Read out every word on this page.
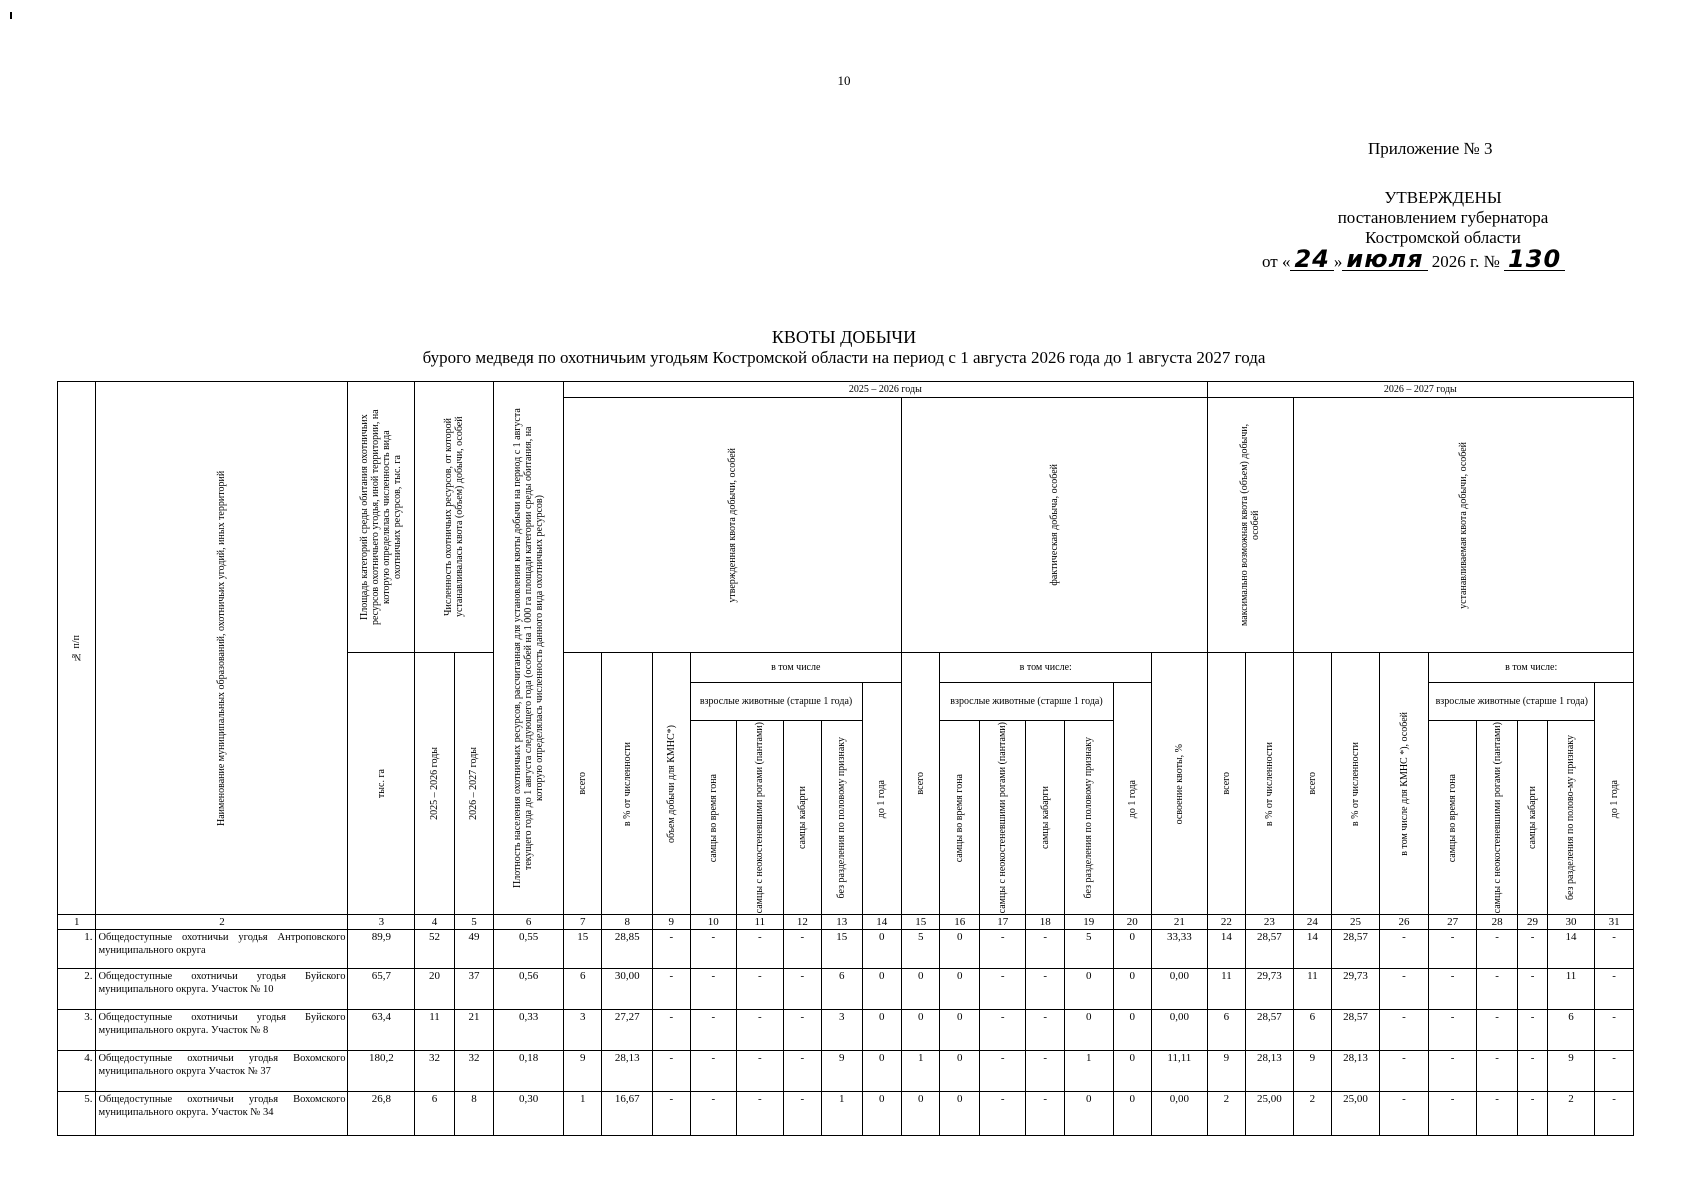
10
Приложение № 3
УТВЕРЖДЕНЫ
постановлением губернатора
Костромской области
от « 24 » июля 2026 г. № 130
КВОТЫ ДОБЫЧИ
бурого медведя по охотничьим угодьям Костромской области на период с 1 августа 2026 года до 1 августа 2027 года
№ п/п	Наименование муниципальных образований, охотничьих угодий, иных территорий	Площадь категорий среды обитания охотничьих ресурсов охотничьего угодья, иной территории, на которую определялась численность вида охотничьих ресурсов, тыс. га	Численность охотничьих ресурсов, от которой устанавливалась квота (объем) добычи, особей		Плотность населения охотничьих ресурсов, рассчитанная для установления квоты добычи на период с 1 августа текущего года до 1 августа следующего года (особей на 1 000 га площади категории среды обитания, на которую определялась численность данного вида охотничьих ресурсов)	2025 – 2026 годы															2026 – 2027 годы									

						утвержденная квота добычи, особей								фактическая добыча, особей							максимально возможная квота (объем) добычи, особей		устанавливаемая квота добычи, особей							

		тыс. га	2025 – 2026 годы	2026 – 2027 годы		всего	в % от численности	объем добычи для КМНС*)	в том числе					всего	в том числе:					освоение квоты, %	всего	в % от численности	всего	в % от численности	в том числе для КМНС *), особей	в том числе:				
									взрослые животные (старше 1 года)				до 1 года		взрослые животные (старше 1 года)				до 1 года							взрослые животные (старше 1 года)				до 1 года

									самцы во время гона	самцы с неокостеневшими рогами (пантами)	самцы кабарги	без разделения по половому признаку			самцы во время гона	самцы с неокостеневшими рогами (пантами)	самцы кабарги	без разделения по половому признаку								самцы во время гона	самцы с неокостеневшими рогами (пантами)	самцы кабарги	без разделения по полово-му признаку	

1	2	3	4	5	6	7	8	9	10	11	12	13	14	15	16	17	18	19	20	21	22	23	24	25	26	27	28	29	30	31
1.	Общедоступные охотничьи угодья Антроповского муниципального округа	89,9	52	49	0,55	15	28,85	-	-	-	-	15	0	5	0	-	-	5	0	33,33	14	28,57	14	28,57	-	-	-	-	14	-
2.	Общедоступные охотничьи угодья Буйского муниципального округа. Участок № 10	65,7	20	37	0,56	6	30,00	-	-	-	-	6	0	0	0	-	-	0	0	0,00	11	29,73	11	29,73	-	-	-	-	11	-
3.	Общедоступные охотничьи угодья Буйского муниципального округа. Участок № 8	63,4	11	21	0,33	3	27,27	-	-	-	-	3	0	0	0	-	-	0	0	0,00	6	28,57	6	28,57	-	-	-	-	6	-
4.	Общедоступные охотничьи угодья Вохомского муниципального округа Участок № 37	180,2	32	32	0,18	9	28,13	-	-	-	-	9	0	1	0	-	-	1	0	11,11	9	28,13	9	28,13	-	-	-	-	9	-
5.	Общедоступные охотничьи угодья Вохомского муниципального округа. Участок № 34	26,8	6	8	0,30	1	16,67	-	-	-	-	1	0	0	0	-	-	0	0	0,00	2	25,00	2	25,00	-	-	-	-	2	-
